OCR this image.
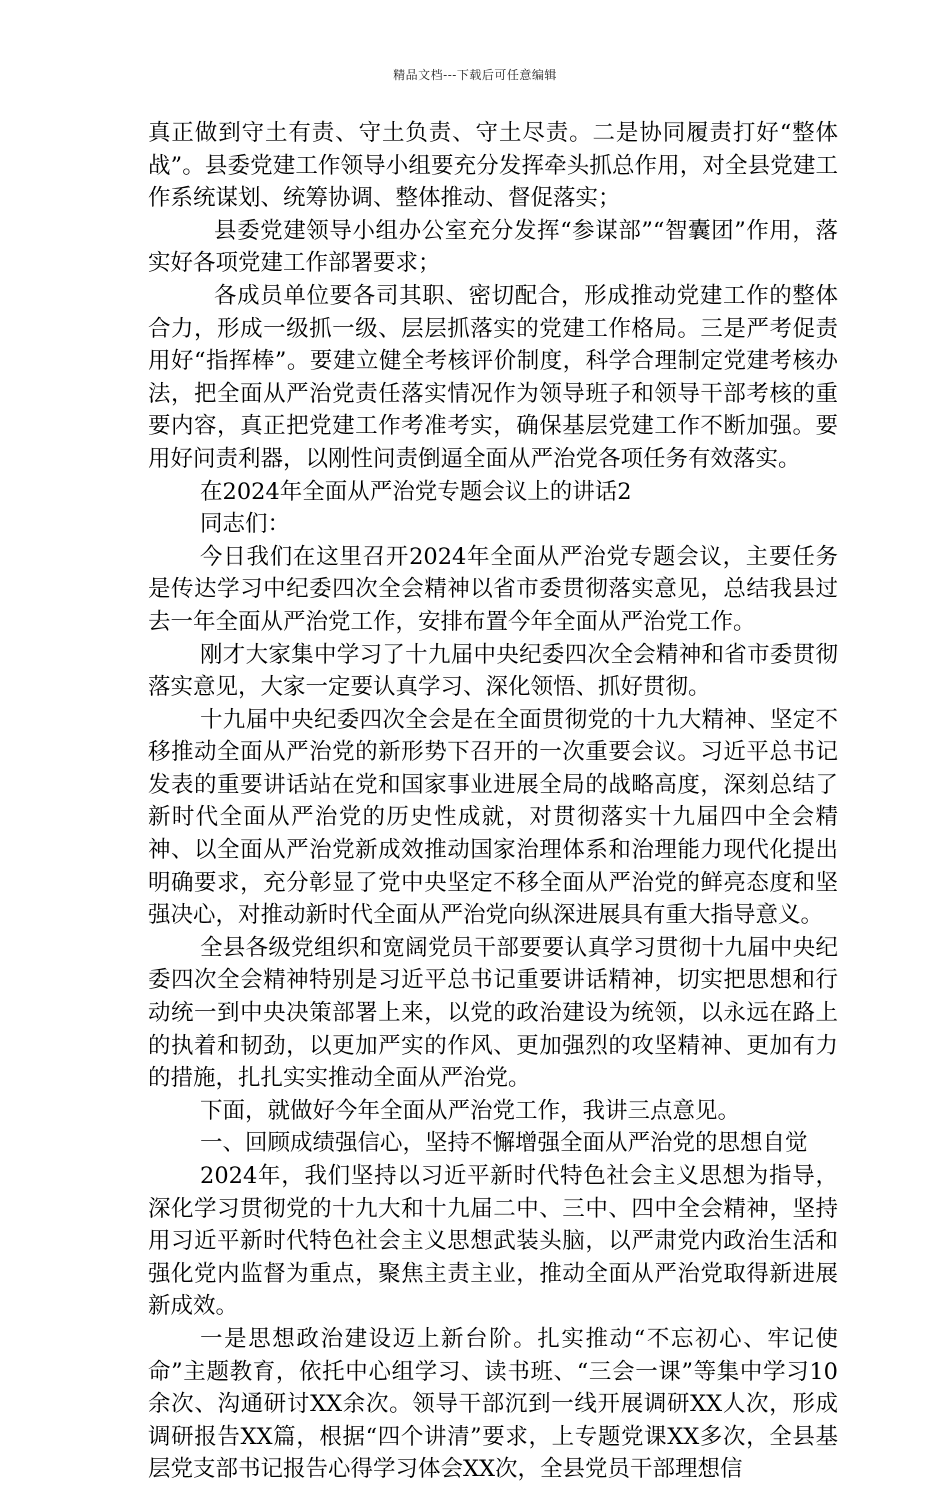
精品文档---下载后可任意编辑

真正做到守土有责、守土负责、守土尽责。二是协同履责打好“整体战”。县委党建工作领导小组要充分发挥牵头抓总作用，对全县党建工作系统谋划、统筹协调、整体推动、督促落实；

县委党建领导小组办公室充分发挥“参谋部”“智囊团”作用，落实好各项党建工作部署要求；

各成员单位要各司其职、密切配合，形成推动党建工作的整体合力，形成一级抓一级、层层抓落实的党建工作格局。三是严考促责用好“指挥棒”。要建立健全考核评价制度，科学合理制定党建考核办法，把全面从严治党责任落实情况作为领导班子和领导干部考核的重要内容，真正把党建工作考准考实，确保基层党建工作不断加强。要用好问责利器，以刚性问责倒逼全面从严治党各项任务有效落实。

在2024年全面从严治党专题会议上的讲话2

同志们：

今日我们在这里召开2024年全面从严治党专题会议，主要任务是传达学习中纪委四次全会精神以省市委贯彻落实意见，总结我县过去一年全面从严治党工作，安排布置今年全面从严治党工作。

刚才大家集中学习了十九届中央纪委四次全会精神和省市委贯彻落实意见，大家一定要认真学习、深化领悟、抓好贯彻。

十九届中央纪委四次全会是在全面贯彻党的十九大精神、坚定不移推动全面从严治党的新形势下召开的一次重要会议。习近平总书记发表的重要讲话站在党和国家事业进展全局的战略高度，深刻总结了新时代全面从严治党的历史性成就，对贯彻落实十九届四中全会精神、以全面从严治党新成效推动国家治理体系和治理能力现代化提出明确要求，充分彰显了党中央坚定不移全面从严治党的鲜亮态度和坚强决心，对推动新时代全面从严治党向纵深进展具有重大指导意义。

全县各级党组织和宽阔党员干部要要认真学习贯彻十九届中央纪委四次全会精神特别是习近平总书记重要讲话精神，切实把思想和行动统一到中央决策部署上来，以党的政治建设为统领，以永远在路上的执着和韧劲，以更加严实的作风、更加强烈的攻坚精神、更加有力的措施，扎扎实实推动全面从严治党。

下面，就做好今年全面从严治党工作，我讲三点意见。

一、回顾成绩强信心，坚持不懈增强全面从严治党的思想自觉

2024年，我们坚持以习近平新时代特色社会主义思想为指导，深化学习贯彻党的十九大和十九届二中、三中、四中全会精神，坚持用习近平新时代特色社会主义思想武装头脑，以严肃党内政治生活和强化党内监督为重点，聚焦主责主业，推动全面从严治党取得新进展新成效。

一是思想政治建设迈上新台阶。扎实推动“不忘初心、牢记使命”主题教育，依托中心组学习、读书班、“三会一课”等集中学习10余次、沟通研讨XX余次。领导干部沉到一线开展调研XX人次，形成调研报告XX篇，根据“四个讲清”要求，上专题党课XX多次，全县基层党支部书记报告心得学习体会XX次，全县党员干部理想信
